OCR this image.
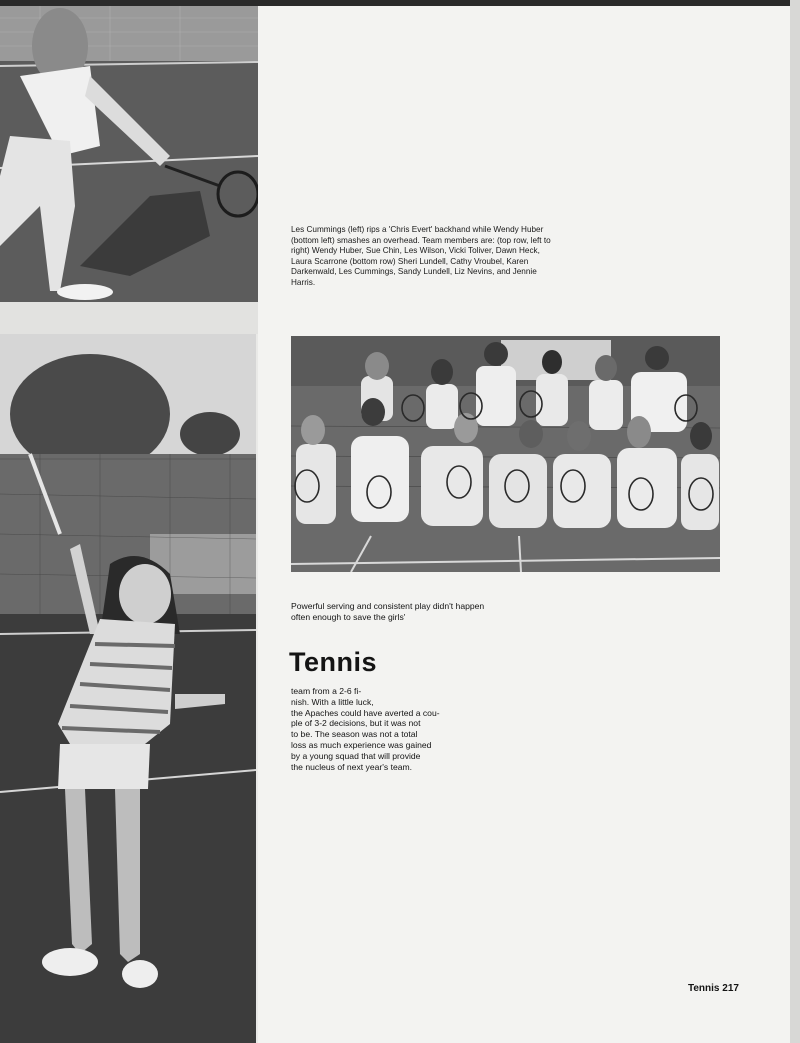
Les Cummings (left) rips a 'Chris Evert' backhand while Wendy Huber (bottom left) smashes an overhead. Team members are: (top row, left to right) Wendy Huber, Sue Chin, Les Wilson, Vicki Toliver, Dawn Heck, Laura Scarrone (bottom row) Sheri Lundell, Cathy Vroubel, Karen Darkenwald, Les Cummings, Sandy Lundell, Liz Nevins, and Jennie Harris.
Powerful serving and consistent play didn't happen often enough to save the girls'
Tennis
team from a 2-6 fi-
nish. With a little luck,
the Apaches could have averted a cou-
ple of 3-2 decisions, but it was not
to be. The season was not a total
loss as much experience was gained
by a young squad that will provide
the nucleus of next year's team.
Tennis 217
